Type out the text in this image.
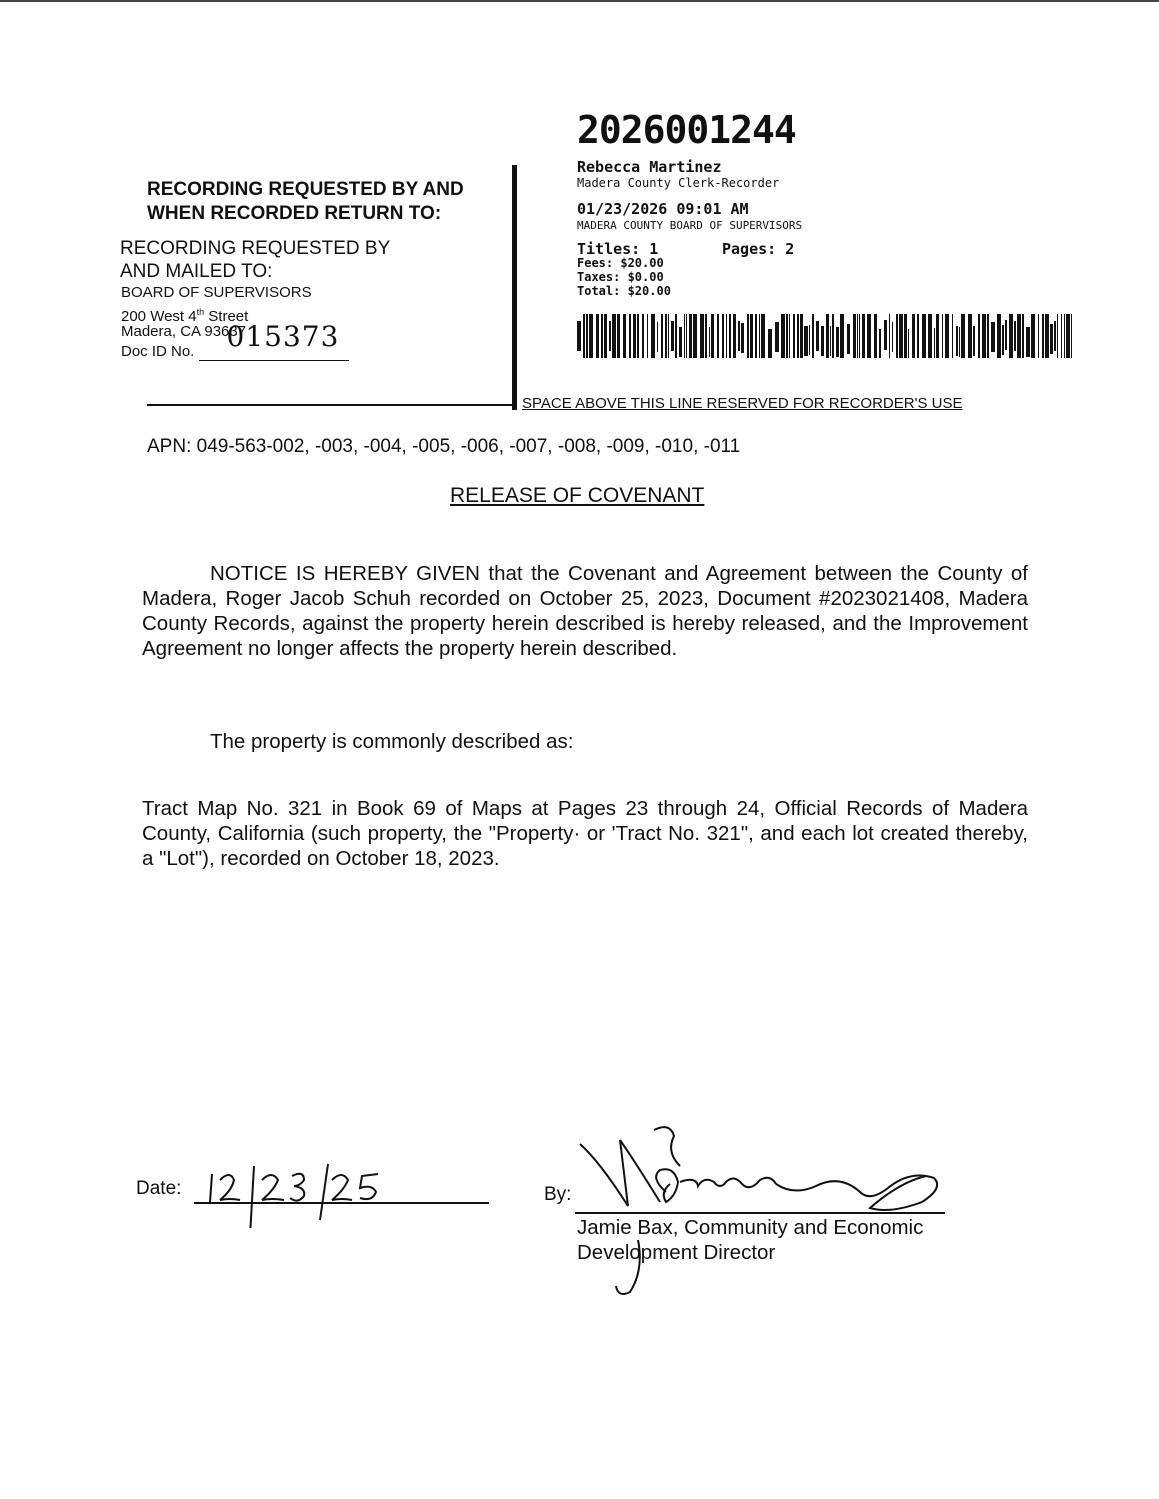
RECORDING REQUESTED BY AND
WHEN RECORDED RETURN TO:
RECORDING REQUESTED BY
AND MAILED TO:
BOARD OF SUPERVISORS
200 West 4th Street
Madera, CA 93637
Doc ID No. 015373
2026001244
Rebecca Martinez
Madera County Clerk-Recorder
01/23/2026 09:01 AM
MADERA COUNTY BOARD OF SUPERVISORS
Titles: 1	Pages: 2
Fees: $20.00
Taxes: $0.00
Total: $20.00
SPACE ABOVE THIS LINE RESERVED FOR RECORDER'S USE
APN: 049-563-002, -003, -004, -005, -006, -007, -008, -009, -010, -011
RELEASE OF COVENANT
NOTICE IS HEREBY GIVEN that the Covenant and Agreement between the County of Madera, Roger Jacob Schuh recorded on October 25, 2023, Document #2023021408, Madera County Records, against the property herein described is hereby released, and the Improvement Agreement no longer affects the property herein described.
The property is commonly described as:
Tract Map No. 321 in Book 69 of Maps at Pages 23 through 24, Official Records of Madera County, California (such property, the "Property· or 'Tract No. 321", and each lot created thereby, a "Lot"), recorded on October 18, 2023.
Date:	By:
Jamie Bax, Community and Economic
Development Director
